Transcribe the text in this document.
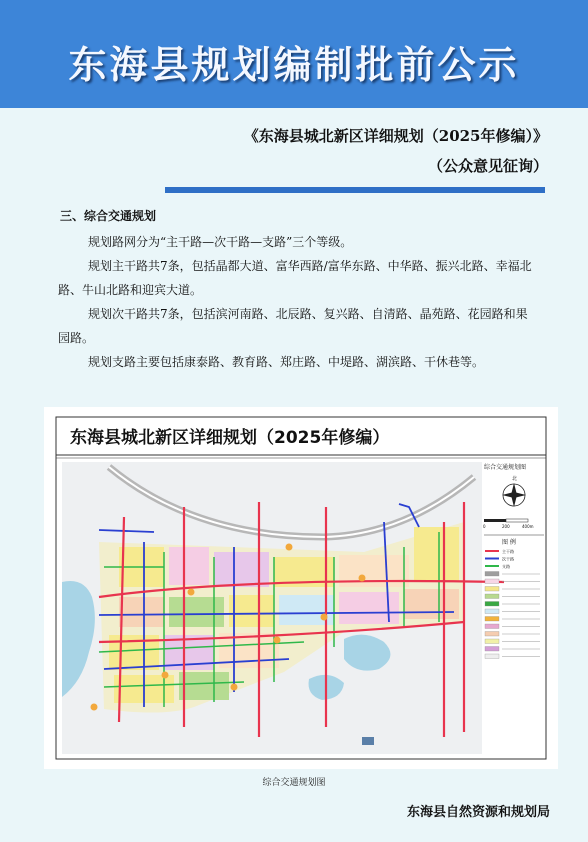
东海县规划编制批前公示
《东海县城北新区详细规划（2025年修编）》
（公众意见征询）
三、综合交通规划

规划路网分为“主干路—次干路—支路”三个等级。

规划主干路共7条，包括晶都大道、富华西路/富华东路、中华路、振兴北路、幸福北路、牛山北路和迎宾大道。

规划次干路共7条，包括滨河南路、北辰路、复兴路、自清路、晶苑路、花园路和果园路。

规划支路主要包括康泰路、教育路、郑庄路、中堤路、湖滨路、干休巷等。

东海县城北新区详细规划（2025年修编）
综合交通规划图
北
0	200	400m
图 例
主干路
次干路
支路
综合交通规划图
东海县自然资源和规划局
